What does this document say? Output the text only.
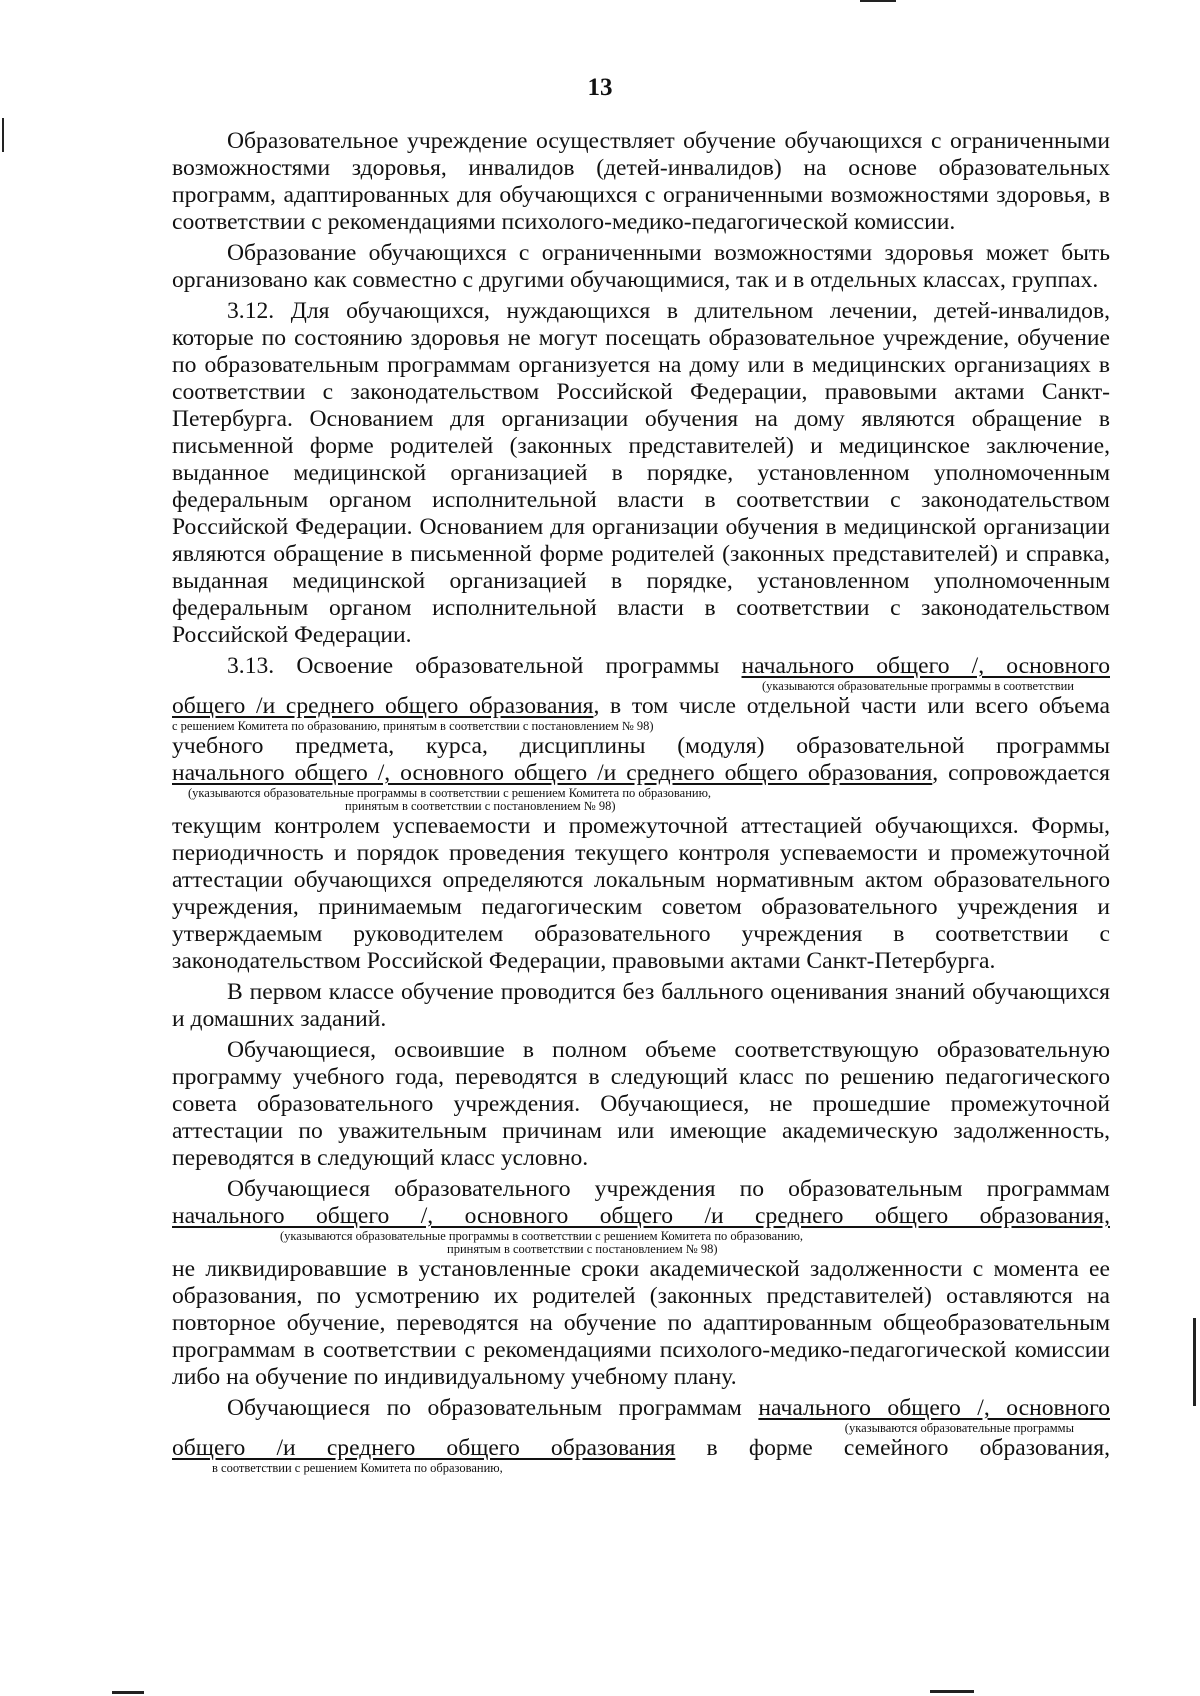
13

Образовательное учреждение осуществляет обучение обучающихся с ограниченными возможностями здоровья, инвалидов (детей-инвалидов) на основе образовательных программ, адаптированных для обучающихся с ограниченными возможностями здоровья, в соответствии с рекомендациями психолого-медико-педагогической комиссии.

Образование обучающихся с ограниченными возможностями здоровья может быть организовано как совместно с другими обучающимися, так и в отдельных классах, группах.

3.12. Для обучающихся, нуждающихся в длительном лечении, детей-инвалидов, которые по состоянию здоровья не могут посещать образовательное учреждение, обучение по образовательным программам организуется на дому или в медицинских организациях в соответствии с законодательством Российской Федерации, правовыми актами Санкт-Петербурга. Основанием для организации обучения на дому являются обращение в письменной форме родителей (законных представителей) и медицинское заключение, выданное медицинской организацией в порядке, установленном уполномоченным федеральным органом исполнительной власти в соответствии с законодательством Российской Федерации. Основанием для организации обучения в медицинской организации являются обращение в письменной форме родителей (законных представителей) и справка, выданная медицинской организацией в порядке, установленном уполномоченным федеральным органом исполнительной власти в соответствии с законодательством Российской Федерации.

3.13. Освоение образовательной программы начального общего /, основного

(указываются образовательные программы в соответствии

общего /и среднего общего образования, в том числе отдельной части или всего объема

с решением Комитета по образованию, принятым в соответствии с постановлением № 98)

учебного предмета, курса, дисциплины (модуля) образовательной программы

начального общего /, основного общего /и среднего общего образования, сопровождается

(указываются образовательные программы в соответствии с решением Комитета по образованию,
принятым в соответствии с постановлением № 98)

текущим контролем успеваемости и промежуточной аттестацией обучающихся. Формы, периодичность и порядок проведения текущего контроля успеваемости и промежуточной аттестации обучающихся определяются локальным нормативным актом образовательного учреждения, принимаемым педагогическим советом образовательного учреждения и утверждаемым руководителем образовательного учреждения в соответствии с законодательством Российской Федерации, правовыми актами Санкт-Петербурга.

В первом классе обучение проводится без балльного оценивания знаний обучающихся и домашних заданий.

Обучающиеся, освоившие в полном объеме соответствующую образовательную программу учебного года, переводятся в следующий класс по решению педагогического совета образовательного учреждения. Обучающиеся, не прошедшие промежуточной аттестации по уважительным причинам или имеющие академическую задолженность, переводятся в следующий класс условно.

Обучающиеся образовательного учреждения по образовательным программам

начального общего /, основного общего /и среднего общего образования,

(указываются образовательные программы в соответствии с решением Комитета по образованию,
принятым в соответствии с постановлением № 98)

не ликвидировавшие в установленные сроки академической задолженности с момента ее образования, по усмотрению их родителей (законных представителей) оставляются на повторное обучение, переводятся на обучение по адаптированным общеобразовательным программам в соответствии с рекомендациями психолого-медико-педагогической комиссии либо на обучение по индивидуальному учебному плану.

Обучающиеся по образовательным программам начального общего /, основного

(указываются образовательные программы

общего /и среднего общего образования в форме семейного образования,

в соответствии с решением Комитета по образованию,
